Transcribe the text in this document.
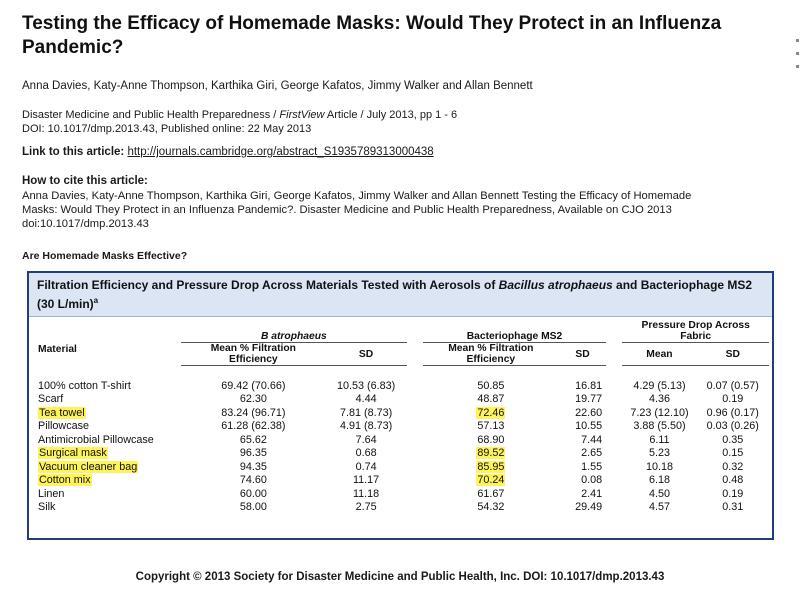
Testing the Efficacy of Homemade Masks: Would They Protect in an Influenza Pandemic?
Anna Davies, Katy-Anne Thompson, Karthika Giri, George Kafatos, Jimmy Walker and Allan Bennett
Disaster Medicine and Public Health Preparedness / FirstView Article / July 2013, pp 1 - 6
DOI: 10.1017/dmp.2013.43, Published online: 22 May 2013
Link to this article: http://journals.cambridge.org/abstract_S1935789313000438
How to cite this article:
Anna Davies, Katy-Anne Thompson, Karthika Giri, George Kafatos, Jimmy Walker and Allan Bennett Testing the Efficacy of Homemade Masks: Would They Protect in an Influenza Pandemic?. Disaster Medicine and Public Health Preparedness, Available on CJO 2013 doi:10.1017/dmp.2013.43
Are Homemade Masks Effective?
Filtration Efficiency and Pressure Drop Across Materials Tested with Aerosols of Bacillus atrophaeus and Bacteriophage MS2 (30 L/min)$^a$
Material	B atrophaeus			Bacteriophage MS2			Pressure Drop Across Fabric	
	Mean % Filtration Efficiency	SD		Mean % Filtration Efficiency	SD		Mean	SD

100% cotton T-shirt	69.42 (70.66)	10.53 (6.83)		50.85	16.81		4.29 (5.13)	0.07 (0.57)
Scarf	62.30	4.44		48.87	19.77		4.36	0.19
Tea towel	83.24 (96.71)	7.81 (8.73)		72.46	22.60		7.23 (12.10)	0.96 (0.17)
Pillowcase	61.28 (62.38)	4.91 (8.73)		57.13	10.55		3.88 (5.50)	0.03 (0.26)
Antimicrobial Pillowcase	65.62	7.64		68.90	7.44		6.11	0.35
Surgical mask	96.35	0.68		89.52	2.65		5.23	0.15
Vacuum cleaner bag	94.35	0.74		85.95	1.55		10.18	0.32
Cotton mix	74.60	11.17		70.24	0.08		6.18	0.48
Linen	60.00	11.18		61.67	2.41		4.50	0.19
Silk	58.00	2.75		54.32	29.49		4.57	0.31
Copyright © 2013 Society for Disaster Medicine and Public Health, Inc. DOI: 10.1017/dmp.2013.43
